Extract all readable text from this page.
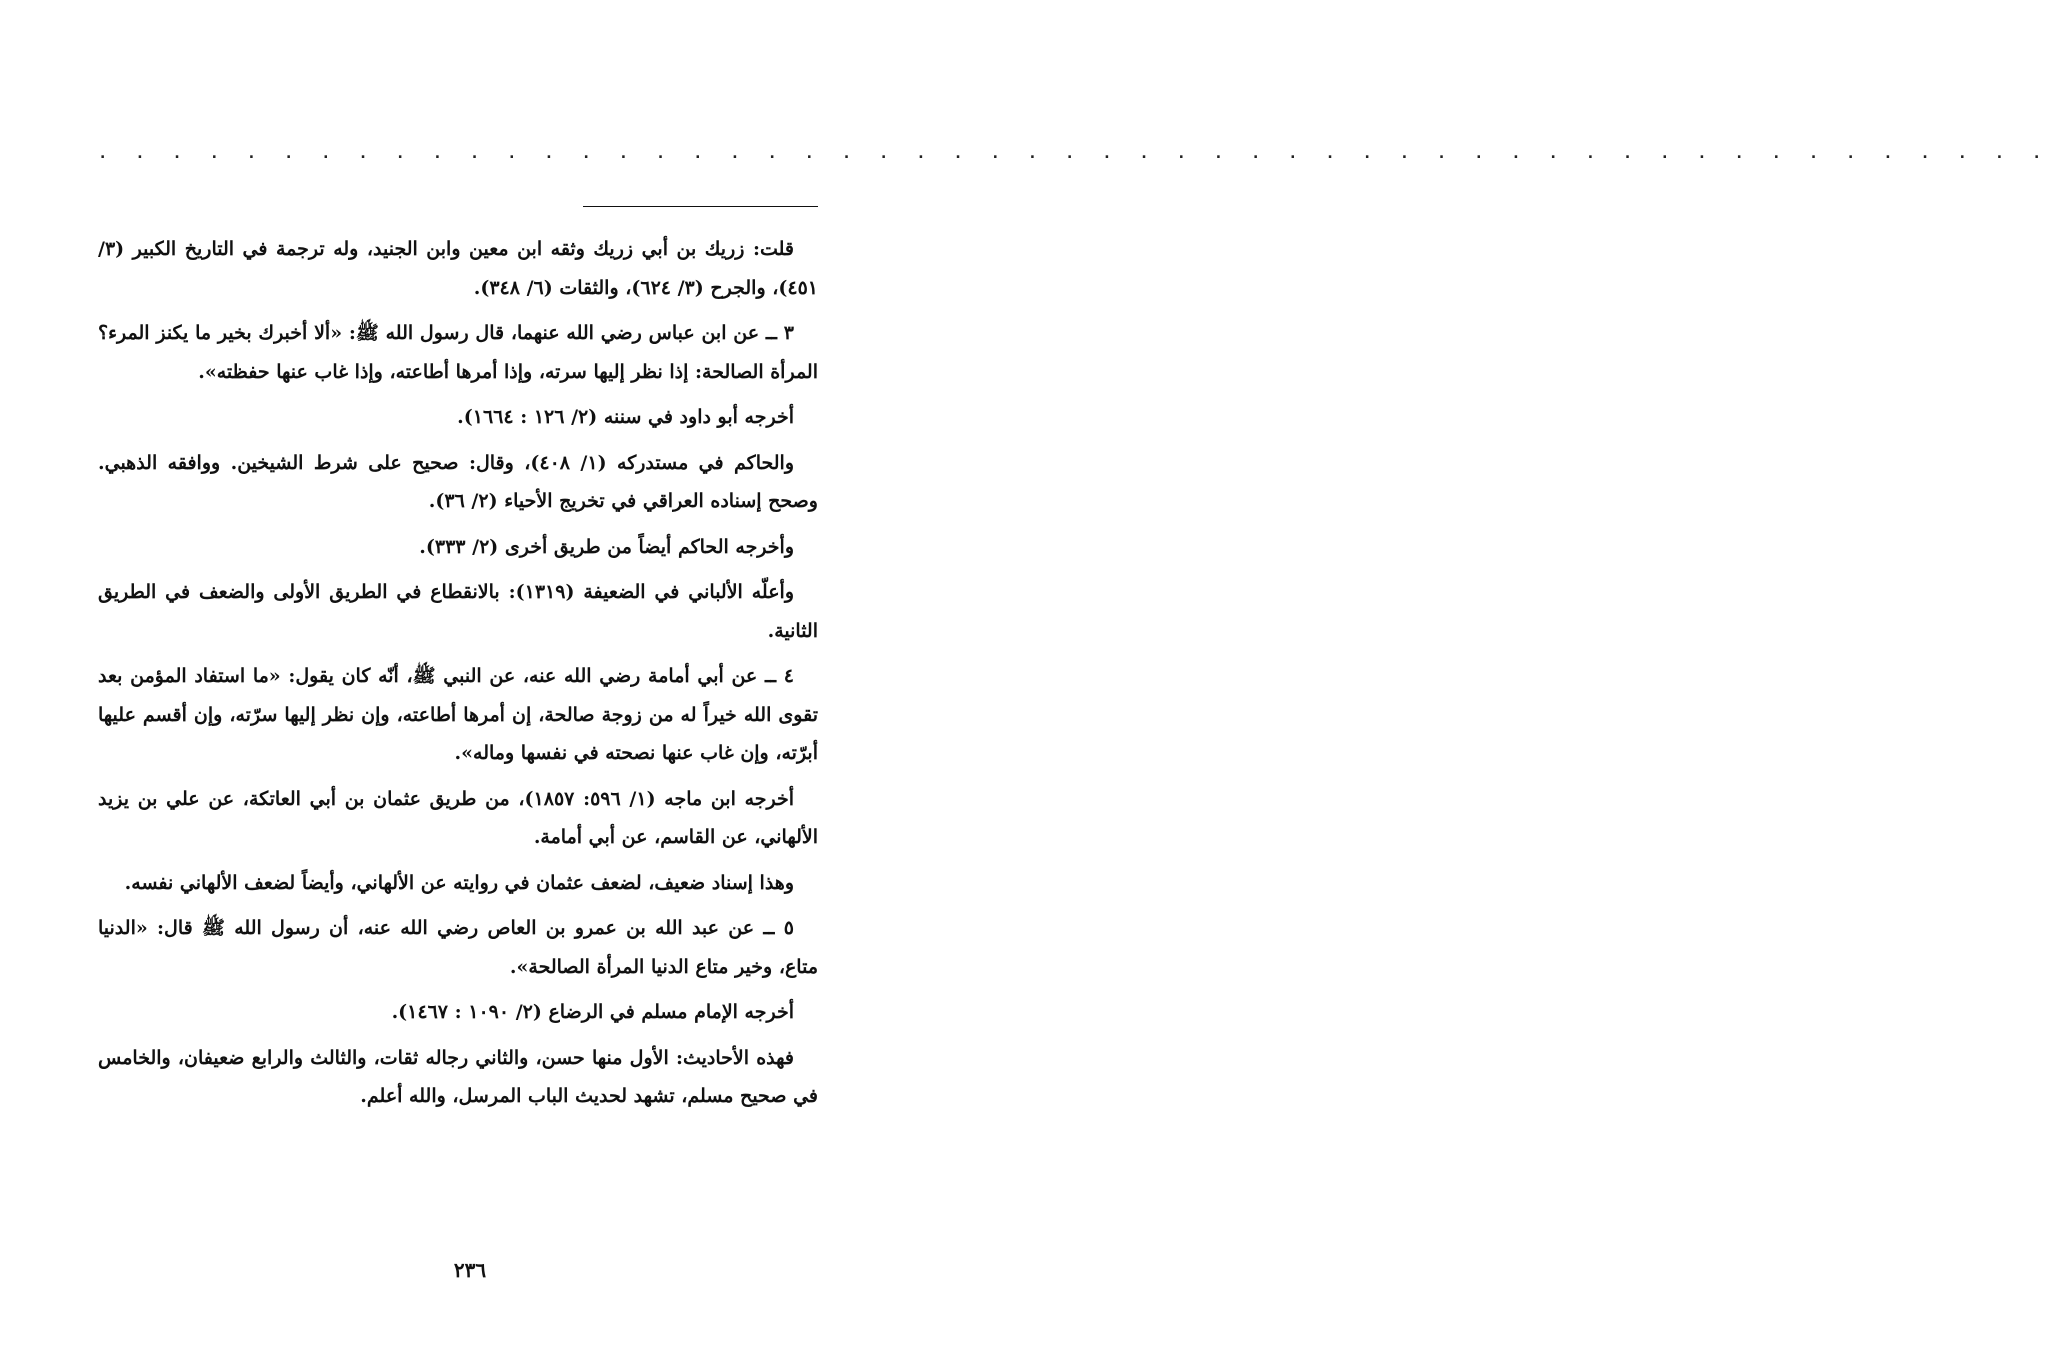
. . . . . . . . . . . . . . . . . . . . . . . . . . . . . . . . . . . . . . . . . . . . . . . . . . . . .

قلت: زريك بن أبي زريك وثقه ابن معين وابن الجنيد، وله ترجمة في التاريخ الكبير (٣/ ٤٥١)، والجرح (٣/ ٦٢٤)، والثقات (٦/ ٣٤٨).

٣ ــ عن ابن عباس رضي الله عنهما، قال رسول الله ﷺ: «ألا أخبرك بخير ما يكنز المرء؟ المرأة الصالحة: إذا نظر إليها سرته، وإذا أمرها أطاعته، وإذا غاب عنها حفظته».

أخرجه أبو داود في سننه (٢/ ١٢٦ : ١٦٦٤).

والحاكم في مستدركه (١/ ٤٠٨)، وقال: صحيح على شرط الشيخين. ووافقه الذهبي. وصحح إسناده العراقي في تخريج الأحياء (٢/ ٣٦).

وأخرجه الحاكم أيضاً من طريق أخرى (٢/ ٣٣٣).

وأعلّه الألباني في الضعيفة (١٣١٩): بالانقطاع في الطريق الأولى والضعف في الطريق الثانية.

٤ ــ عن أبي أمامة رضي الله عنه، عن النبي ﷺ، أنّه كان يقول: «ما استفاد المؤمن بعد تقوى الله خيراً له من زوجة صالحة، إن أمرها أطاعته، وإن نظر إليها سرّته، وإن أقسم عليها أبرّته، وإن غاب عنها نصحته في نفسها وماله».

أخرجه ابن ماجه (١/ ٥٩٦: ١٨٥٧)، من طريق عثمان بن أبي العاتكة، عن علي بن يزيد الألهاني، عن القاسم، عن أبي أمامة.

وهذا إسناد ضعيف، لضعف عثمان في روايته عن الألهاني، وأيضاً لضعف الألهاني نفسه.

٥ ــ عن عبد الله بن عمرو بن العاص رضي الله عنه، أن رسول الله ﷺ قال: «الدنيا متاع، وخير متاع الدنيا المرأة الصالحة».

أخرجه الإمام مسلم في الرضاع (٢/ ١٠٩٠ : ١٤٦٧).

فهذه الأحاديث: الأول منها حسن، والثاني رجاله ثقات، والثالث والرابع ضعيفان، والخامس في صحيح مسلم، تشهد لحديث الباب المرسل، والله أعلم.

٢٣٦
